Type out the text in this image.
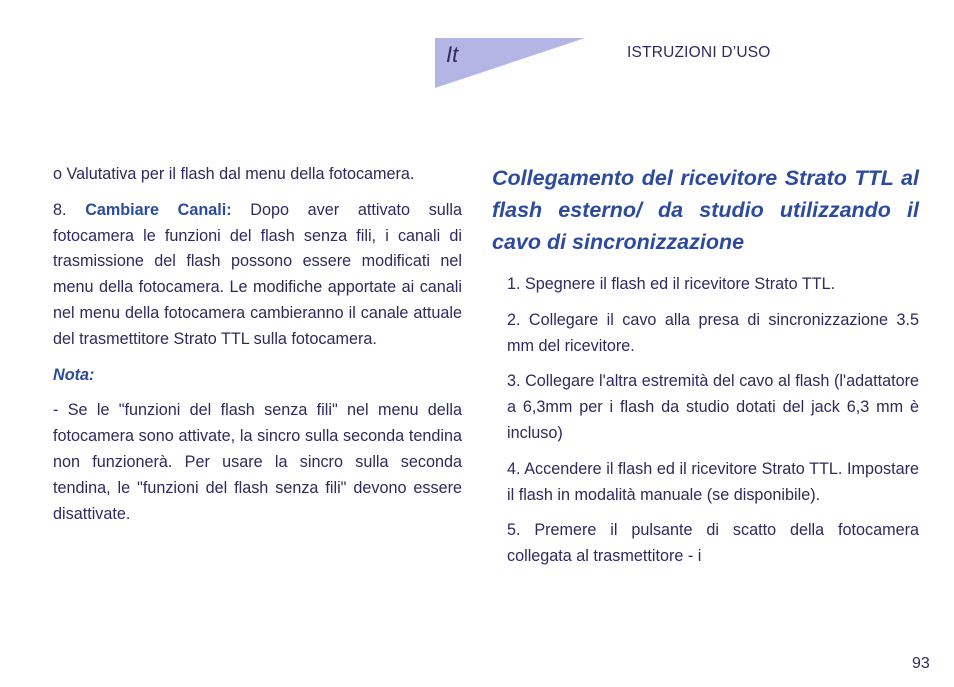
It	ISTRUZIONI D’USO

o Valutativa per il flash dal menu della fotocamera.

8. Cambiare Canali: Dopo aver attivato sulla fotocamera le funzioni del flash senza fili, i canali di trasmissione del flash possono essere modificati nel menu della fotocamera. Le modifiche apportate ai canali nel menu della fotocamera cambieranno il canale attuale del trasmettitore Strato TTL sulla fotocamera.

Nota:

- Se le "funzioni del flash senza fili" nel menu della fotocamera sono attivate, la sincro sulla seconda tendina non funzionerà. Per usare la sincro sulla seconda tendina, le "funzioni del flash senza fili" devono essere disattivate.

Collegamento del ricevitore Strato TTL al flash esterno/ da studio utilizzando il cavo di sincronizzazione

1. Spegnere il flash ed il ricevitore Strato TTL.

2. Collegare il cavo alla presa di sincronizzazione 3.5 mm del ricevitore.

3. Collegare l'altra estremità del cavo al flash (l'adattatore a 6,3mm per i flash da studio dotati del jack 6,3 mm è incluso)

4. Accendere il flash ed il ricevitore Strato TTL. Impostare il flash in modalità manuale (se disponibile).

5. Premere il pulsante di scatto della fotocamera collegata al trasmettitore - i

93
